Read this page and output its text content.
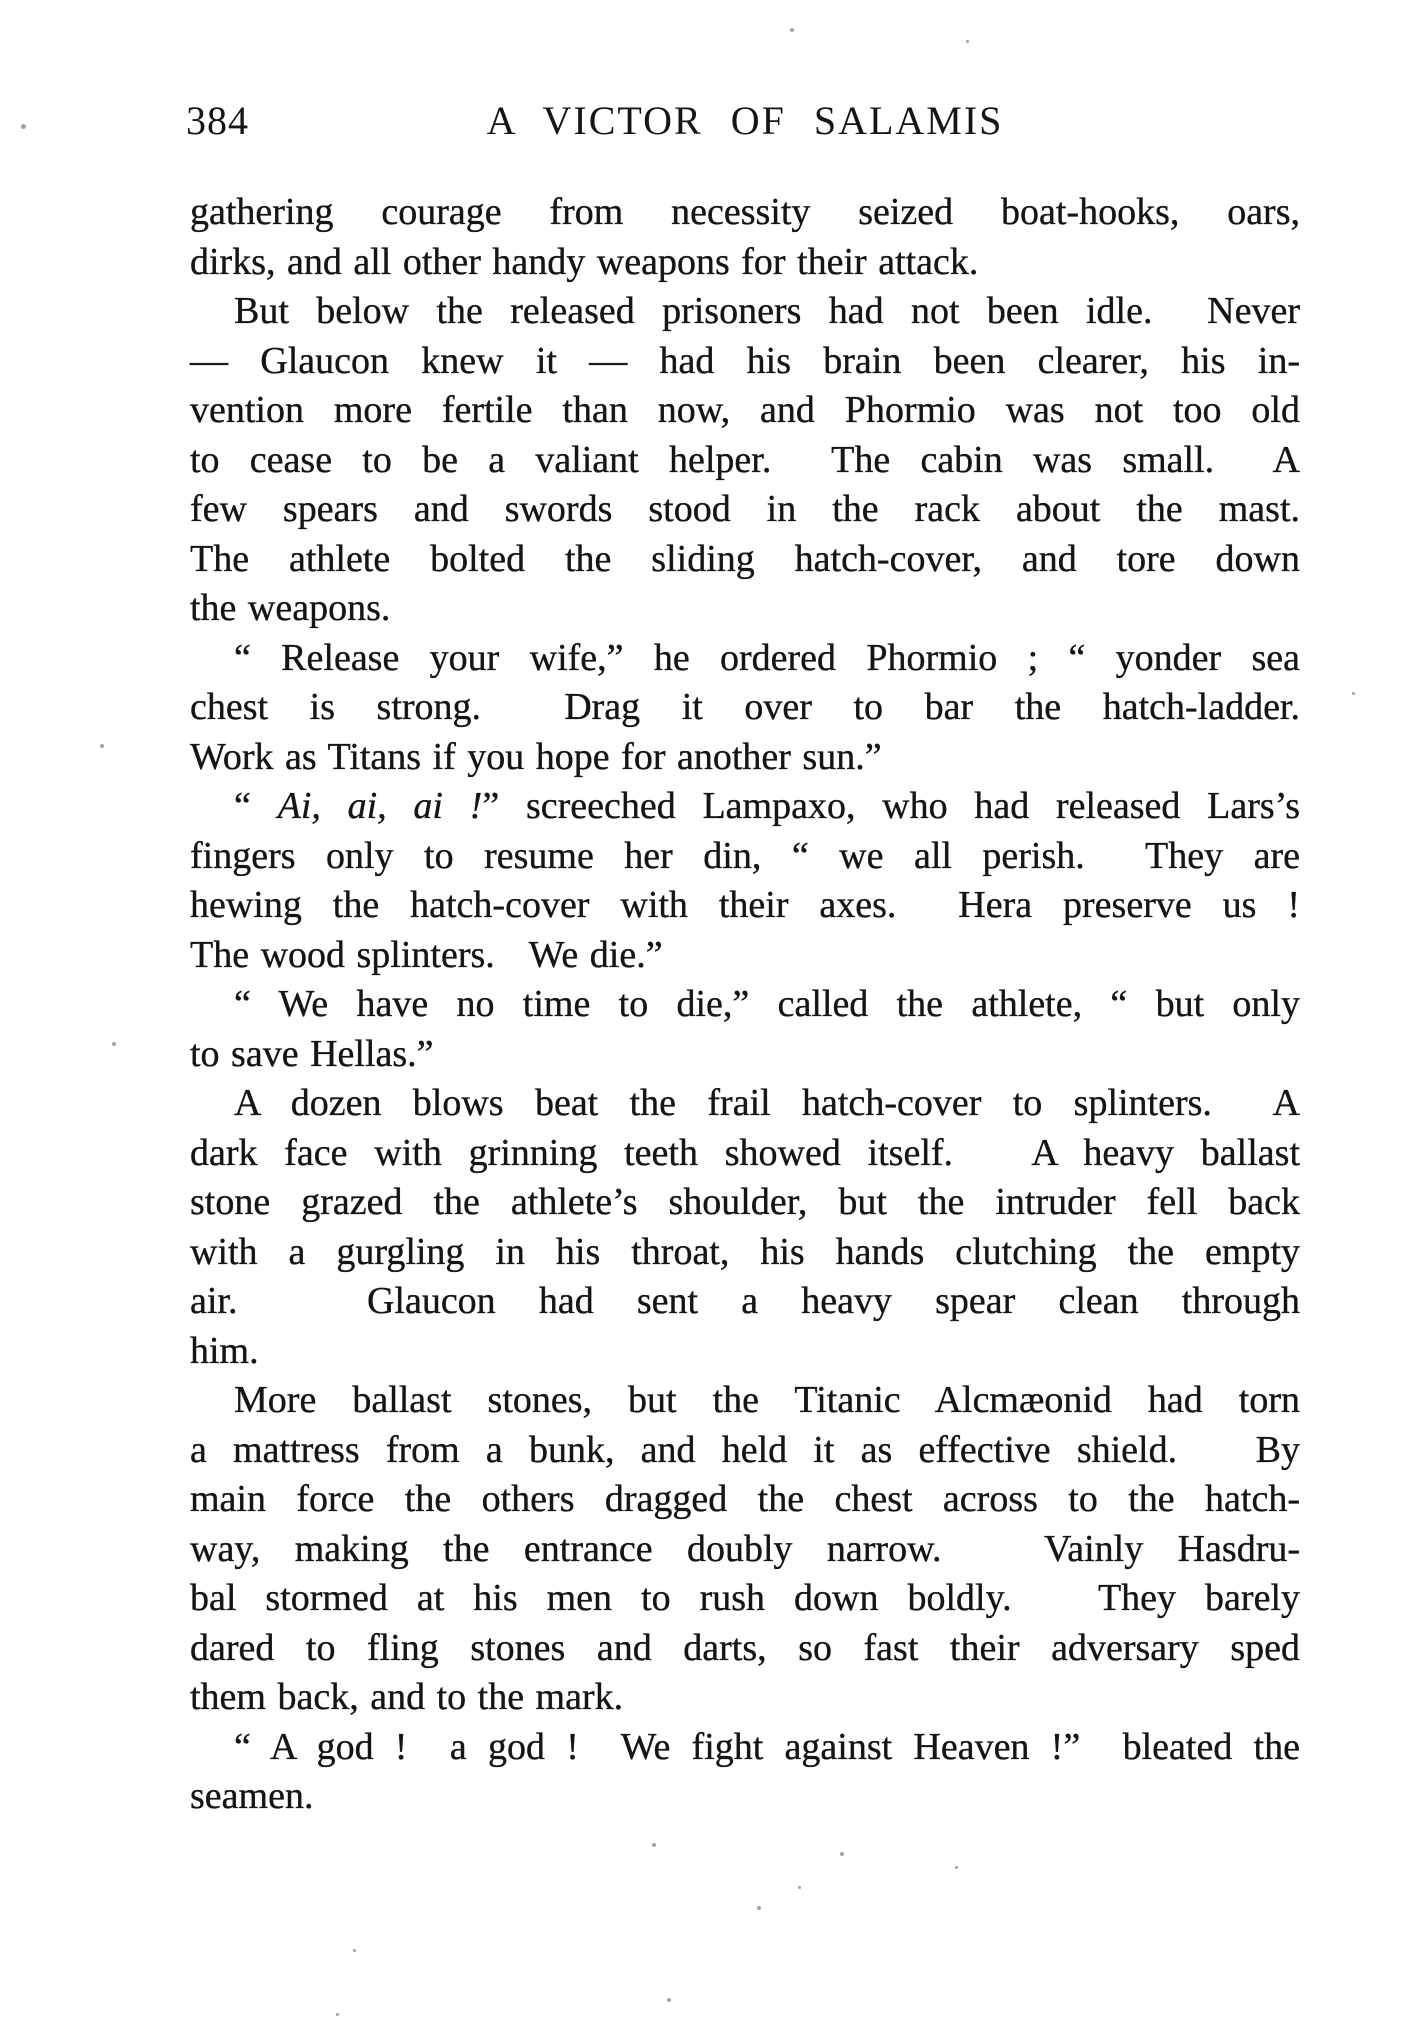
384	A VICTOR OF SALAMIS
gathering courage from necessity seized boat-hooks, oars,
dirks, and all other handy weapons for their attack.
But below the released prisoners had not been idle.  Never
— Glaucon knew it — had his brain been clearer, his in-
vention more fertile than now, and Phormio was not too old
to cease to be a valiant helper.  The cabin was small.  A
few spears and swords stood in the rack about the mast.
The athlete bolted the sliding hatch-cover, and tore down
the weapons.
“ Release your wife,” he ordered Phormio ; “ yonder sea
chest is strong.  Drag it over to bar the hatch-ladder.
Work as Titans if you hope for another sun.”
“ Ai, ai, ai !” screeched Lampaxo, who had released Lars’s
fingers only to resume her din, “ we all perish.  They are
hewing the hatch-cover with their axes.  Hera preserve us !
The wood splinters.   We die.”
“ We have no time to die,” called the athlete, “ but only
to save Hellas.”
A dozen blows beat the frail hatch-cover to splinters.  A
dark face with grinning teeth showed itself.   A heavy ballast
stone grazed the athlete’s shoulder, but the intruder fell back
with a gurgling in his throat, his hands clutching the empty
air.   Glaucon had sent a heavy spear clean through
him.
More ballast stones, but the Titanic Alcmæonid had torn
a mattress from a bunk, and held it as effective shield.   By
main force the others dragged the chest across to the hatch-
way, making the entrance doubly narrow.   Vainly Hasdru-
bal stormed at his men to rush down boldly.   They barely
dared to fling stones and darts, so fast their adversary sped
them back, and to the mark.
“ A god !  a god !  We fight against Heaven !”  bleated the
seamen.
